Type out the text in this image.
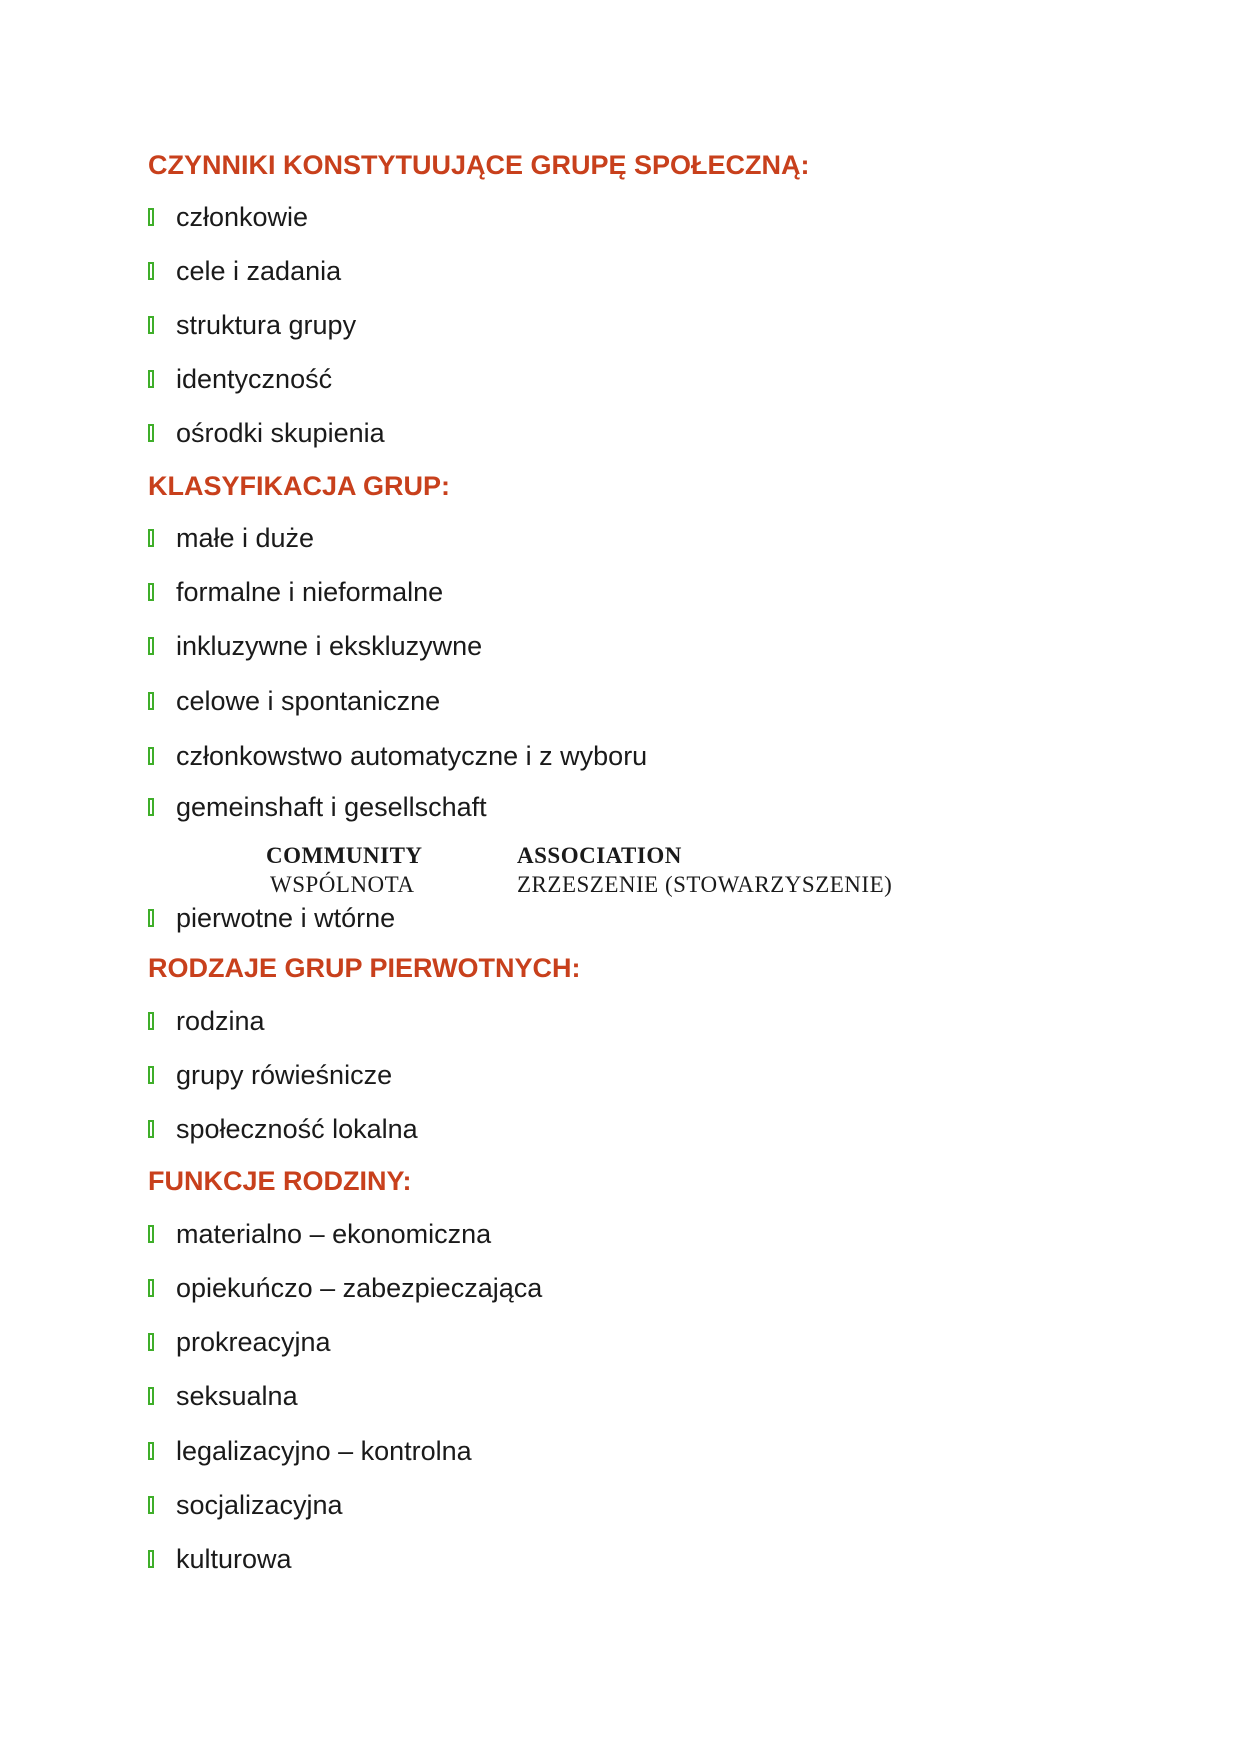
CZYNNIKI KONSTYTUUJĄCE GRUPĘ SPOŁECZNĄ:
członkowie
cele i zadania
struktura grupy
identyczność
ośrodki skupienia
KLASYFIKACJA GRUP:
małe i duże
formalne i nieformalne
inkluzywne i ekskluzywne
celowe i spontaniczne
członkowstwo automatyczne i z wyboru
gemeinshaft i gesellschaft
COMMUNITY
WSPÓLNOTA
ASSOCIATION
ZRZESZENIE (STOWARZYSZENIE)
pierwotne i wtórne
RODZAJE GRUP PIERWOTNYCH:
rodzina
grupy rówieśnicze
społeczność lokalna
FUNKCJE RODZINY:
materialno – ekonomiczna
opiekuńczo – zabezpieczająca
prokreacyjna
seksualna
legalizacyjno – kontrolna
socjalizacyjna
kulturowa
